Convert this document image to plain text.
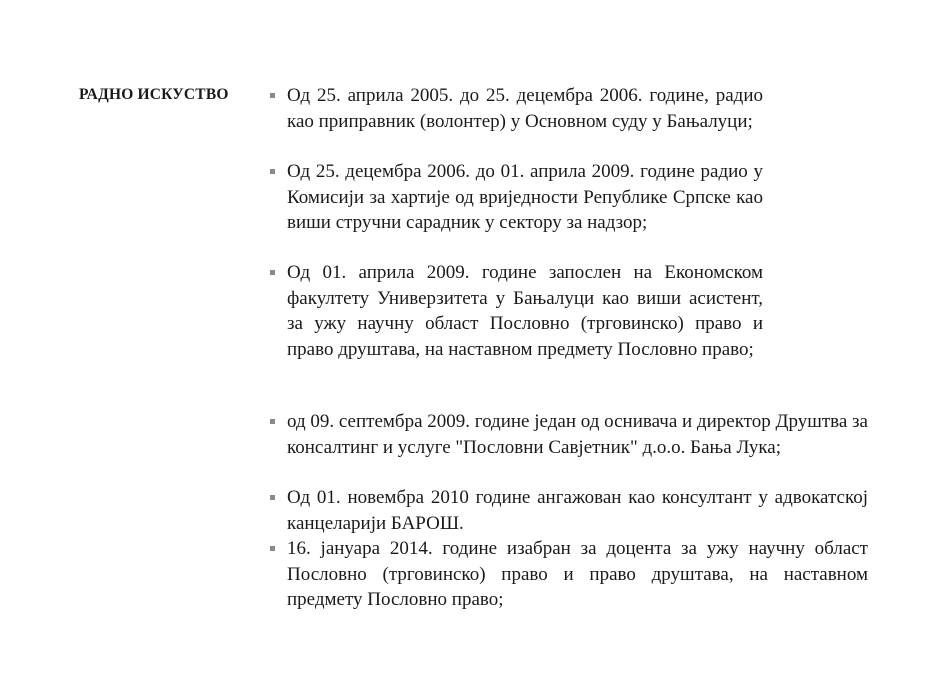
РАДНО ИСКУСТВО	Од 25. априла 2005. до 25. децембра 2006. године, радио као приправник (волонтер) у Основном суду у Бањалуци;
Од 25. децембра 2006. до 01. априла 2009. године радио у Комисији за хартије од вриједности Републике Српске као виши стручни сарадник у сектору за надзор;
Од 01. априла 2009. године запослен на Економском факултету Универзитета у Бањалуци као виши асистент, за ужу научну област Пословно (трговинско) право и право друштава, на наставном предмету Пословно право;
од 09. септембра 2009. године један од оснивача и директор Друштва за консалтинг и услуге "Пословни Савјетник" д.о.о. Бања Лука;
Од 01. новембра 2010 године ангажован као консултант у адвокатској канцеларији БАРОШ.
16. јануара 2014. године изабран за доцента за ужу научну област Пословно (трговинско) право и право друштава, на наставном предмету Пословно право;
